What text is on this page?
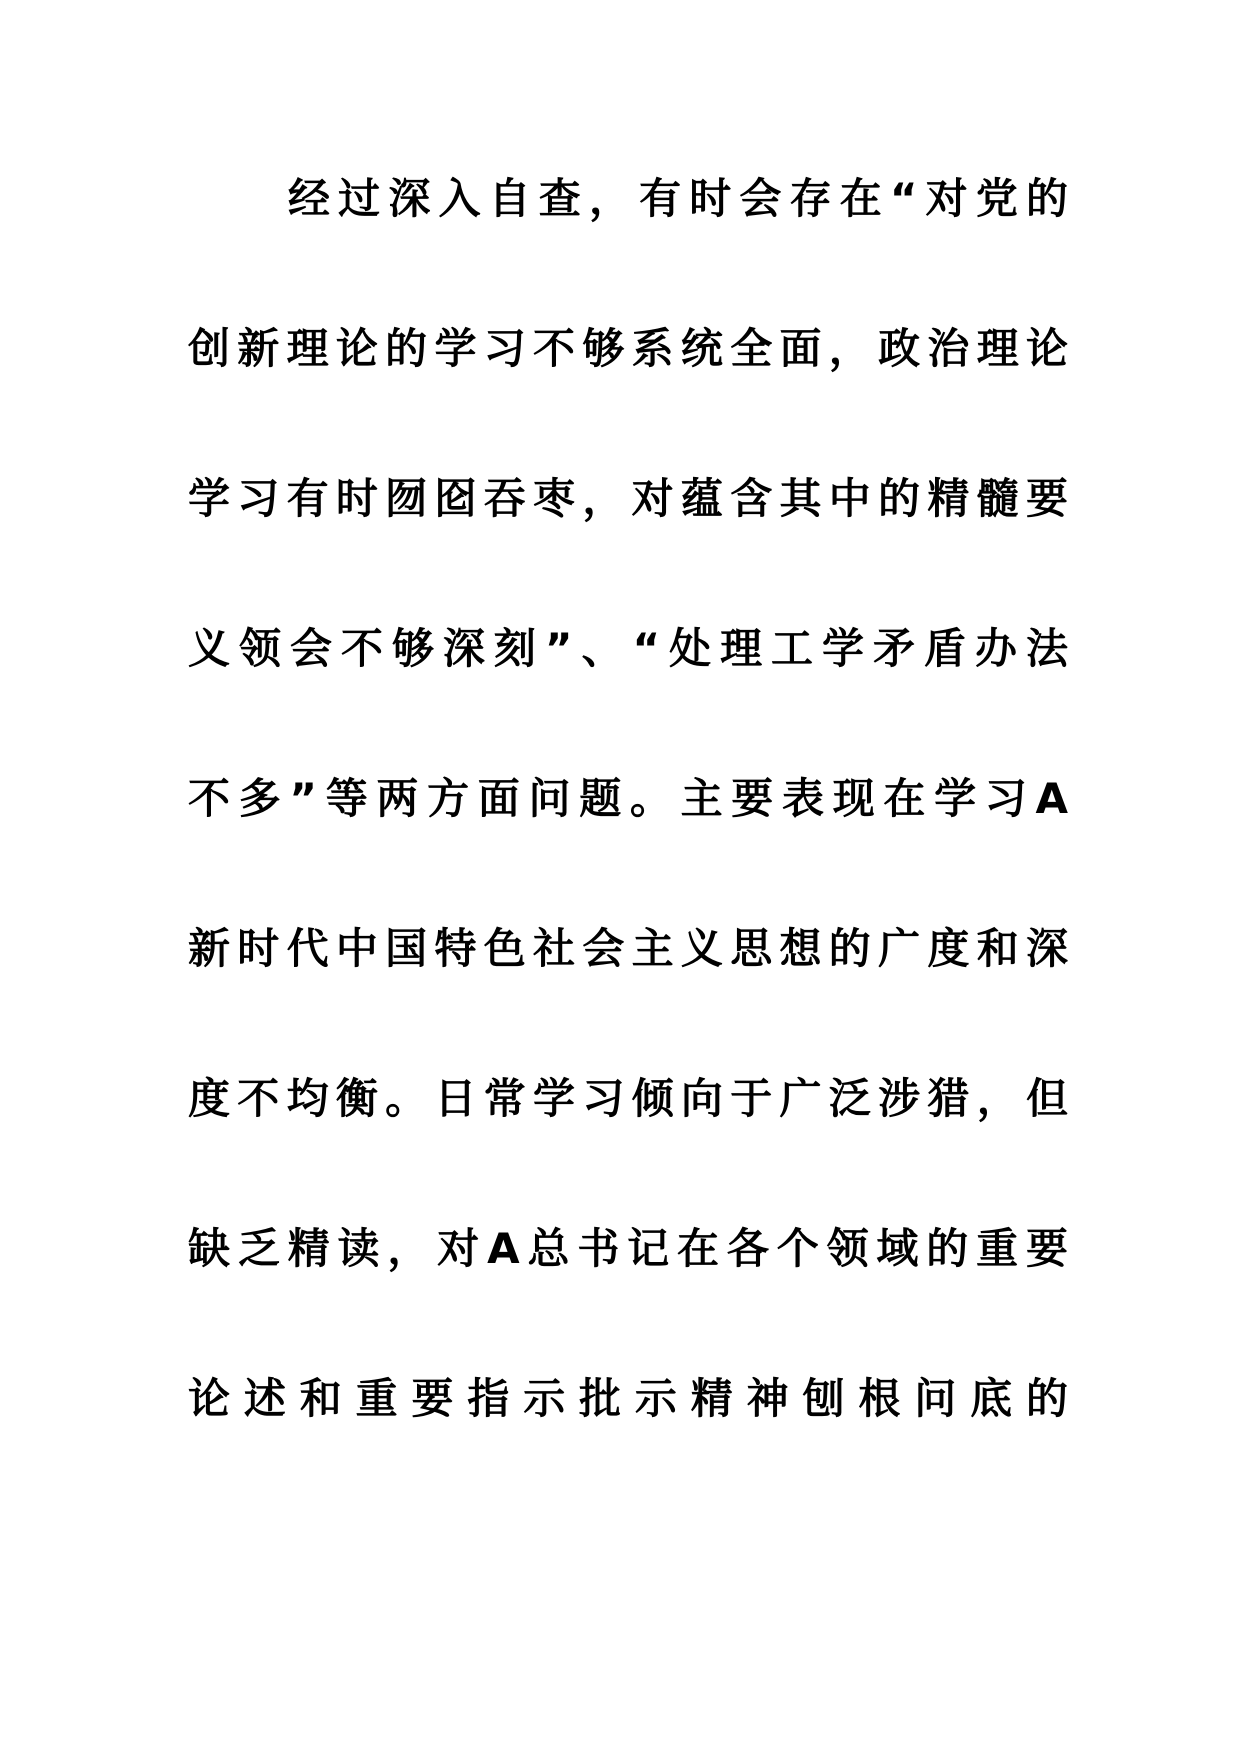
经过深入自查，有时会存在“对党的
创新理论的学习不够系统全面，政治理论
学习有时囫囵吞枣，对蕴含其中的精髓要
义领会不够深刻”、“处理工学矛盾办法
不多”等两方面问题。主要表现在学习A
新时代中国特色社会主义思想的广度和深
度不均衡。日常学习倾向于广泛涉猎，但
缺乏精读，对A总书记在各个领域的重要
论述和重要指示批示精神刨根问底的
